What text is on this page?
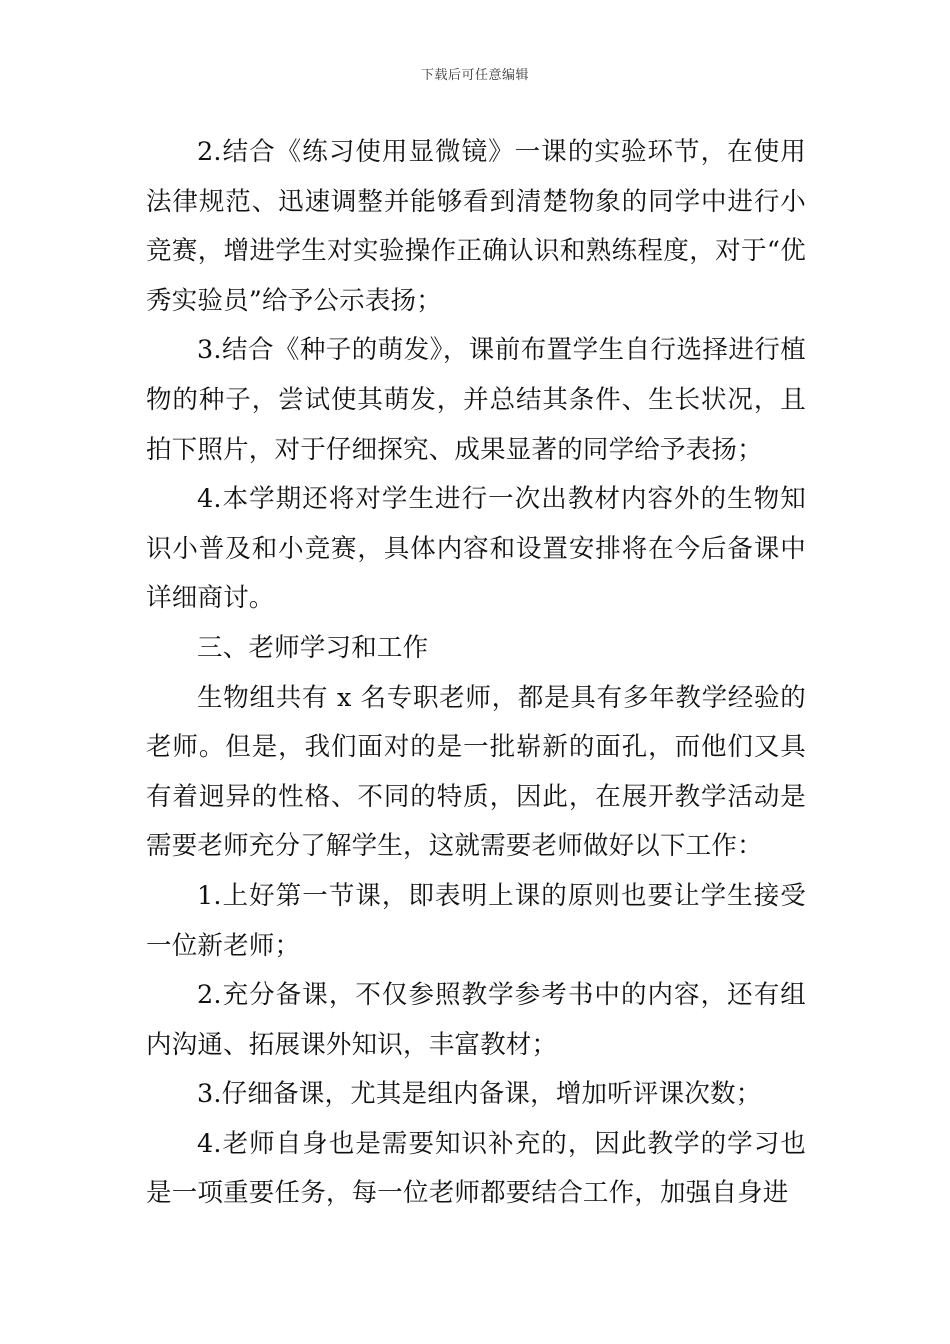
下载后可任意编辑

2.结合《练习使用显微镜》一课的实验环节，在使用法律规范、迅速调整并能够看到清楚物象的同学中进行小竞赛，增进学生对实验操作正确认识和熟练程度，对于“优秀实验员”给予公示表扬；

3.结合《种子的萌发》，课前布置学生自行选择进行植物的种子，尝试使其萌发，并总结其条件、生长状况，且拍下照片，对于仔细探究、成果显著的同学给予表扬；

4.本学期还将对学生进行一次出教材内容外的生物知识小普及和小竞赛，具体内容和设置安排将在今后备课中详细商讨。

三、老师学习和工作

生物组共有 x 名专职老师，都是具有多年教学经验的老师。但是，我们面对的是一批崭新的面孔，而他们又具有着迥异的性格、不同的特质，因此，在展开教学活动是需要老师充分了解学生，这就需要老师做好以下工作：

1.上好第一节课，即表明上课的原则也要让学生接受一位新老师；

2.充分备课，不仅参照教学参考书中的内容，还有组内沟通、拓展课外知识，丰富教材；

3.仔细备课，尤其是组内备课，增加听评课次数；

4.老师自身也是需要知识补充的，因此教学的学习也是一项重要任务，每一位老师都要结合工作，加强自身进
